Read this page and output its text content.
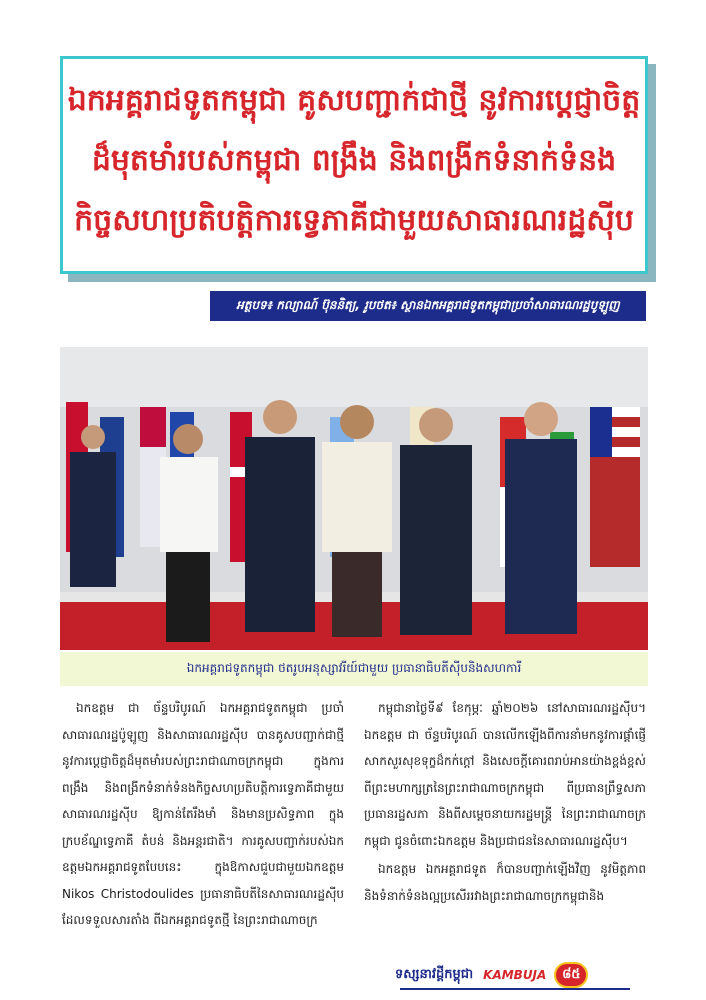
ឯកអគ្គរាជទូតកម្ពុជា គូសបញ្ជាក់ជាថ្មី នូវការប្តេជ្ញាចិត្ត
ដ៏មុតមាំរបស់កម្ពុជា ពង្រឹង និងពង្រីកទំនាក់ទំនង
កិច្ចសហប្រតិបត្តិការទ្វេភាគីជាមួយសាធារណរដ្ឋស៊ីប
អត្ថបទ៖ កល្យាណ៍ ប៊ុននិត្យ, រូបថត៖ ស្ថានឯកអគ្គរាជទូតកម្ពុជាប្រចាំសាធារណរដ្ឋបូឡូញ
ឯកអគ្គរាជទូតកម្ពុជា ថតរូបអនុស្សាវរីយ៍ជាមួយ ប្រធានាធិបតីស៊ីបនិងសហការី

ឯកឧត្តម ជា ច័ន្ទបរិបូរណ៍ ឯកអគ្គរាជទូតកម្ពុជា ប្រចាំសាធារណរដ្ឋប៉ូឡូញ និងសាធារណរដ្ឋស៊ីប បានគូសបញ្ជាក់ជាថ្មី នូវការប្តេជ្ញាចិត្តដ៏មុតមាំរបស់ព្រះរាជាណាចក្រកម្ពុជា ក្នុងការពង្រឹង និងពង្រីកទំនាក់ទំនងកិច្ចសហប្រតិបត្តិការទ្វេភាគីជាមួយសាធារណរដ្ឋស៊ីប ឱ្យកាន់តែរឹងមាំ និងមានប្រសិទ្ធភាព ក្នុងក្របខ័ណ្ឌទ្វេភាគី តំបន់ និងអន្តរជាតិ។ ការគូសបញ្ជាក់របស់ឯកឧត្តមឯកអគ្គរាជទូតបែបនេះ ក្នុងឱកាសជួបជាមួយឯកឧត្តម Nikos Christodoulides ប្រធានាធិបតីនៃសាធារណរដ្ឋស៊ីប ដែលទទួលសារតាំង ពីឯកអគ្គរាជទូតថ្មី នៃព្រះរាជាណាចក្រ

កម្ពុជានាថ្ងៃទី៩ ខែកុម្ភៈ ឆ្នាំ២០២៦ នៅសាធារណរដ្ឋស៊ីប។ ឯកឧត្តម ជា ច័ន្ទបរិបូរណ៍ បានលើកឡើងពីការនាំមកនូវការផ្តាំផ្ញើសាកសួរសុខទុក្ខដ៏កក់ក្តៅ និងសេចក្តីគោរពរាប់អានយ៉ាងខ្ពង់ខ្ពស់ពីព្រះមហាក្សត្រនៃព្រះរាជាណាចក្រកម្ពុជា ពីប្រធានព្រឹទ្ធសភា ប្រធានរដ្ឋសភា និងពីសម្តេចនាយករដ្ឋមន្ត្រី នៃព្រះរាជាណាចក្រកម្ពុជា ជូនចំពោះឯកឧត្តម និងប្រជាជននៃសាធារណរដ្ឋស៊ីប។

ឯកឧត្តម ឯកអគ្គរាជទូត ក៏បានបញ្ជាក់ឡើងវិញ នូវមិត្តភាព និងទំនាក់ទំនងល្អប្រសើររវាងព្រះរាជាណាចក្រកម្ពុជានិង

ទស្សនាវដ្តីកម្ពុជា KAMBUJA	៨៥
